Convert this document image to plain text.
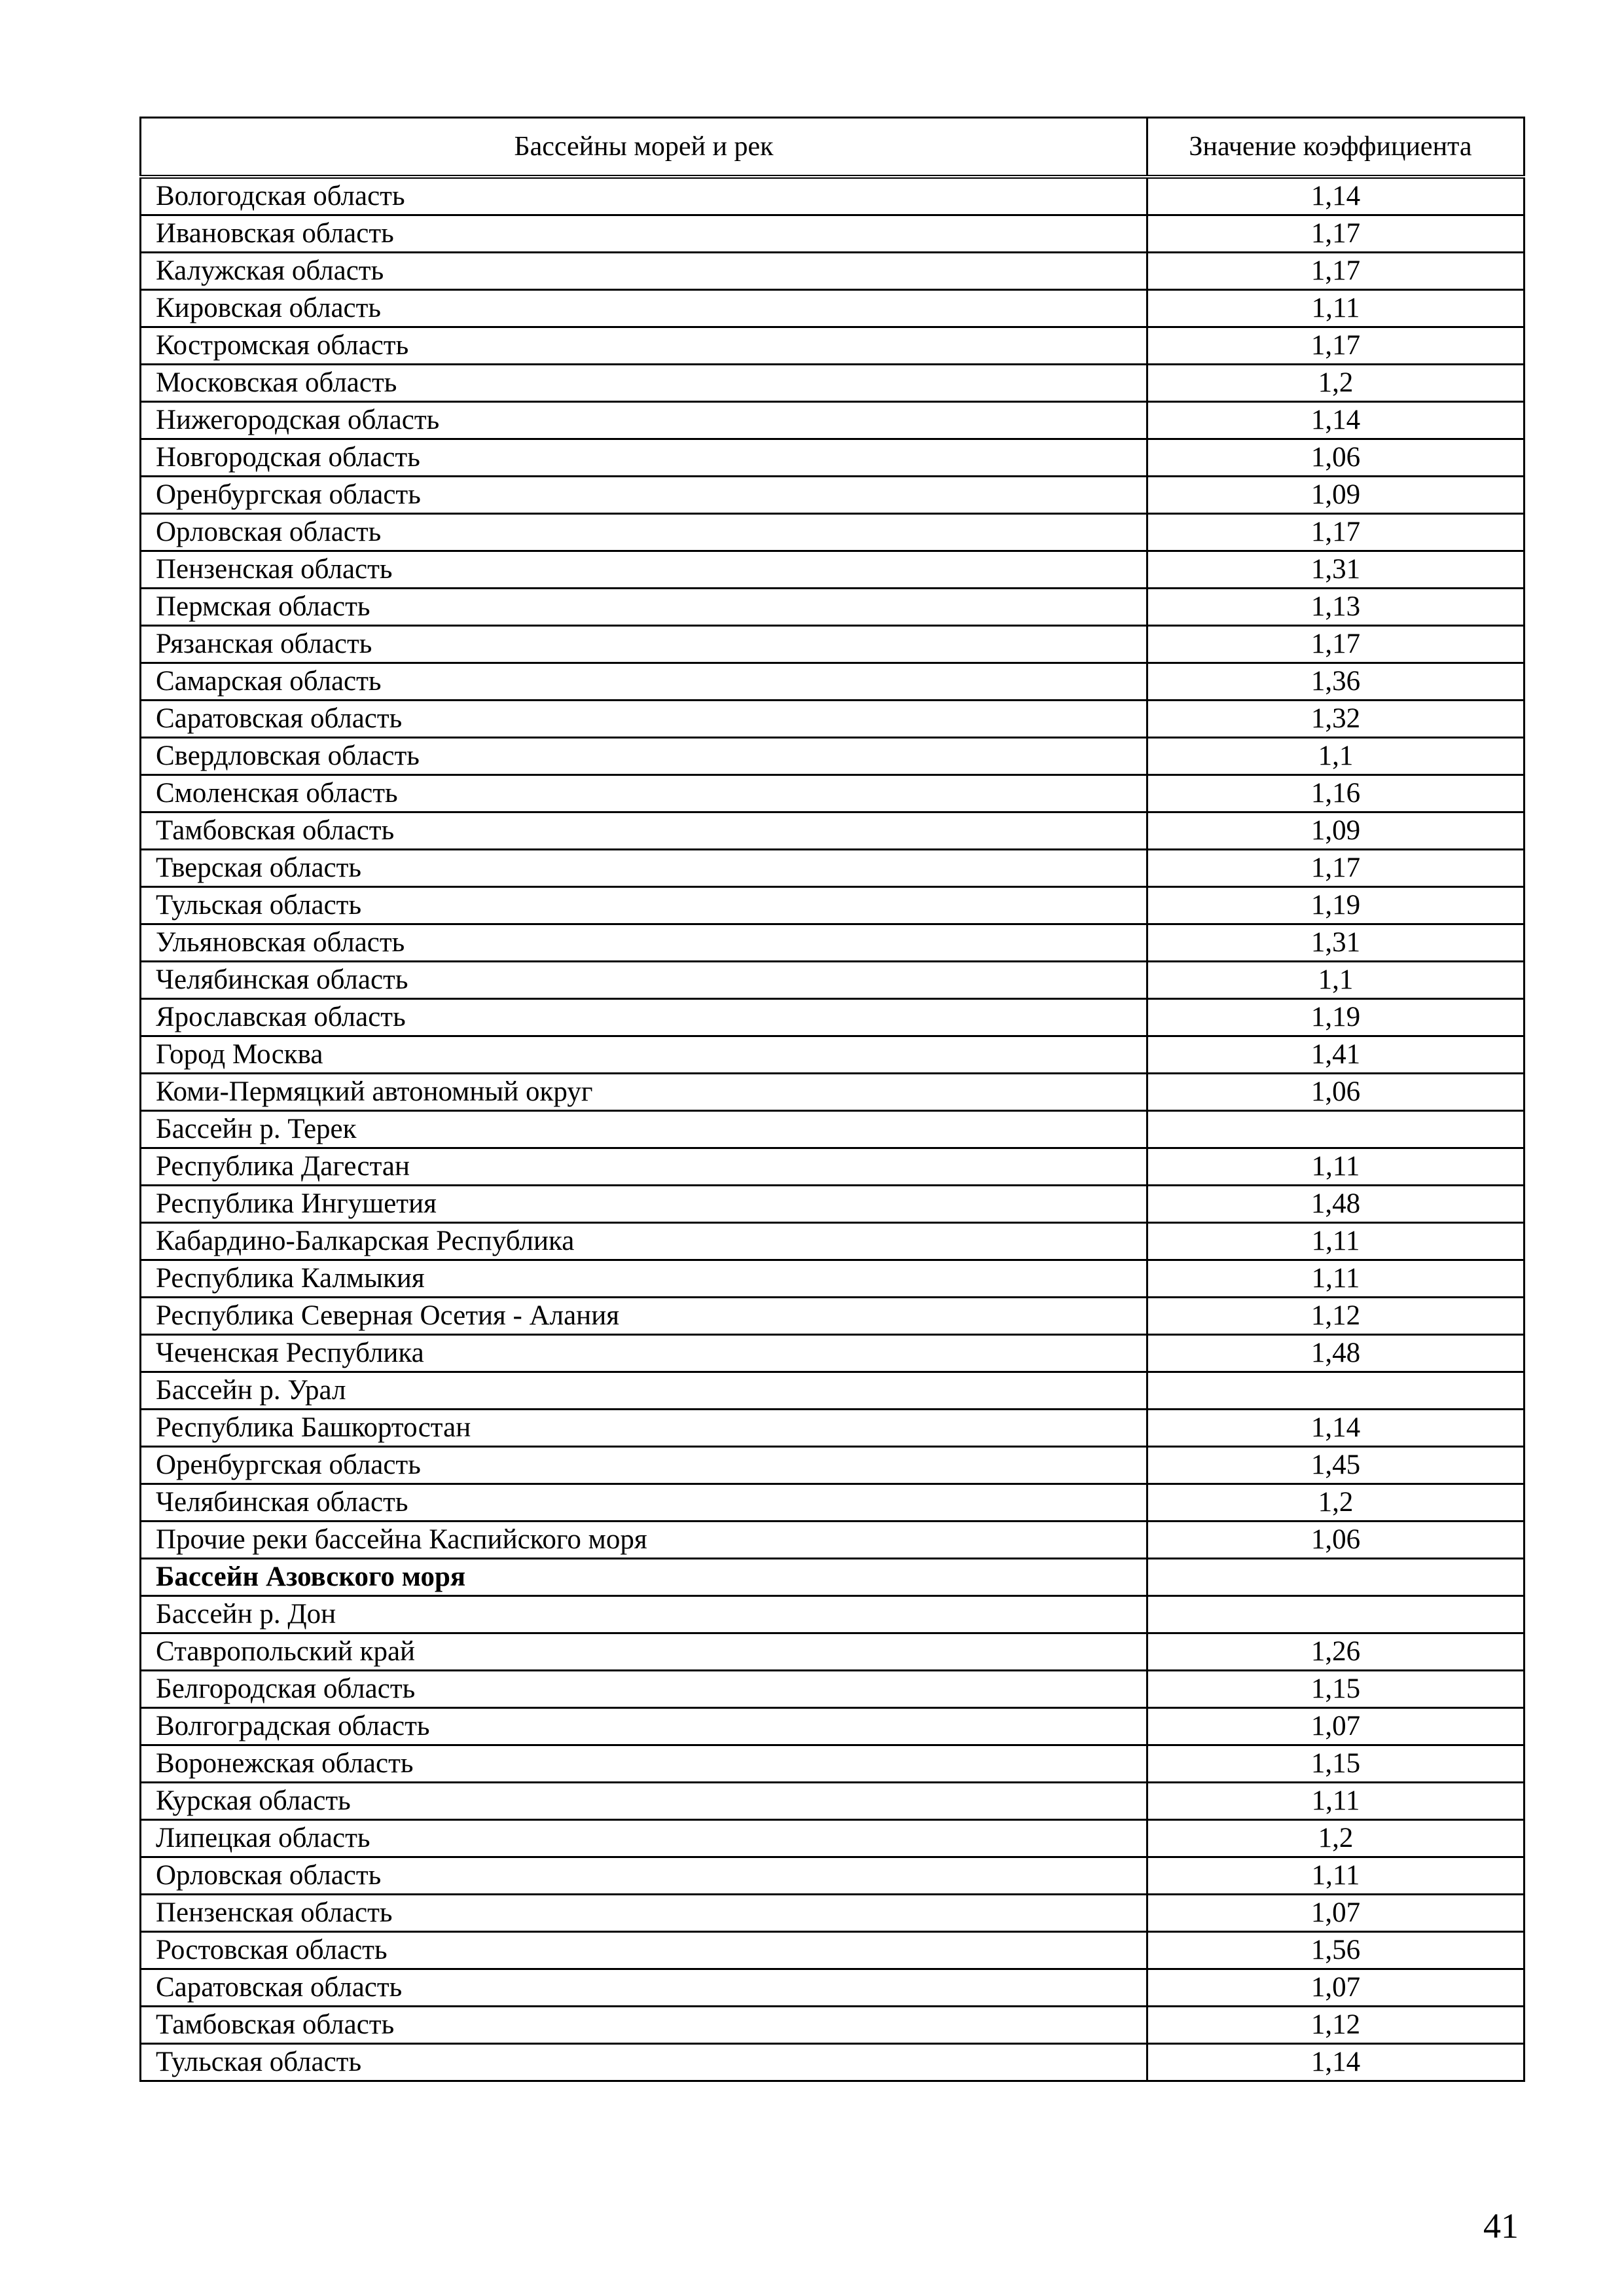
Бассейны морей и рек	Значение коэффициента
Вологодская область	1,14
Ивановская область	1,17
Калужская область	1,17
Кировская область	1,11
Костромская область	1,17
Московская область	1,2
Нижегородская область	1,14
Новгородская область	1,06
Оренбургская область	1,09
Орловская область	1,17
Пензенская область	1,31
Пермская область	1,13
Рязанская область	1,17
Самарская область	1,36
Саратовская область	1,32
Свердловская область	1,1
Смоленская область	1,16
Тамбовская область	1,09
Тверская область	1,17
Тульская область	1,19
Ульяновская область	1,31
Челябинская область	1,1
Ярославская область	1,19
Город Москва	1,41
Коми-Пермяцкий автономный округ	1,06
Бассейн р. Терек	
Республика Дагестан	1,11
Республика Ингушетия	1,48
Кабардино-Балкарская Республика	1,11
Республика Калмыкия	1,11
Республика Северная Осетия - Алания	1,12
Чеченская Республика	1,48
Бассейн р. Урал	
Республика Башкортостан	1,14
Оренбургская область	1,45
Челябинская область	1,2
Прочие реки бассейна Каспийского моря	1,06
Бассейн Азовского моря	
Бассейн р. Дон	
Ставропольский край	1,26
Белгородская область	1,15
Волгоградская область	1,07
Воронежская область	1,15
Курская область	1,11
Липецкая область	1,2
Орловская область	1,11
Пензенская область	1,07
Ростовская область	1,56
Саратовская область	1,07
Тамбовская область	1,12
Тульская область	1,14
41
